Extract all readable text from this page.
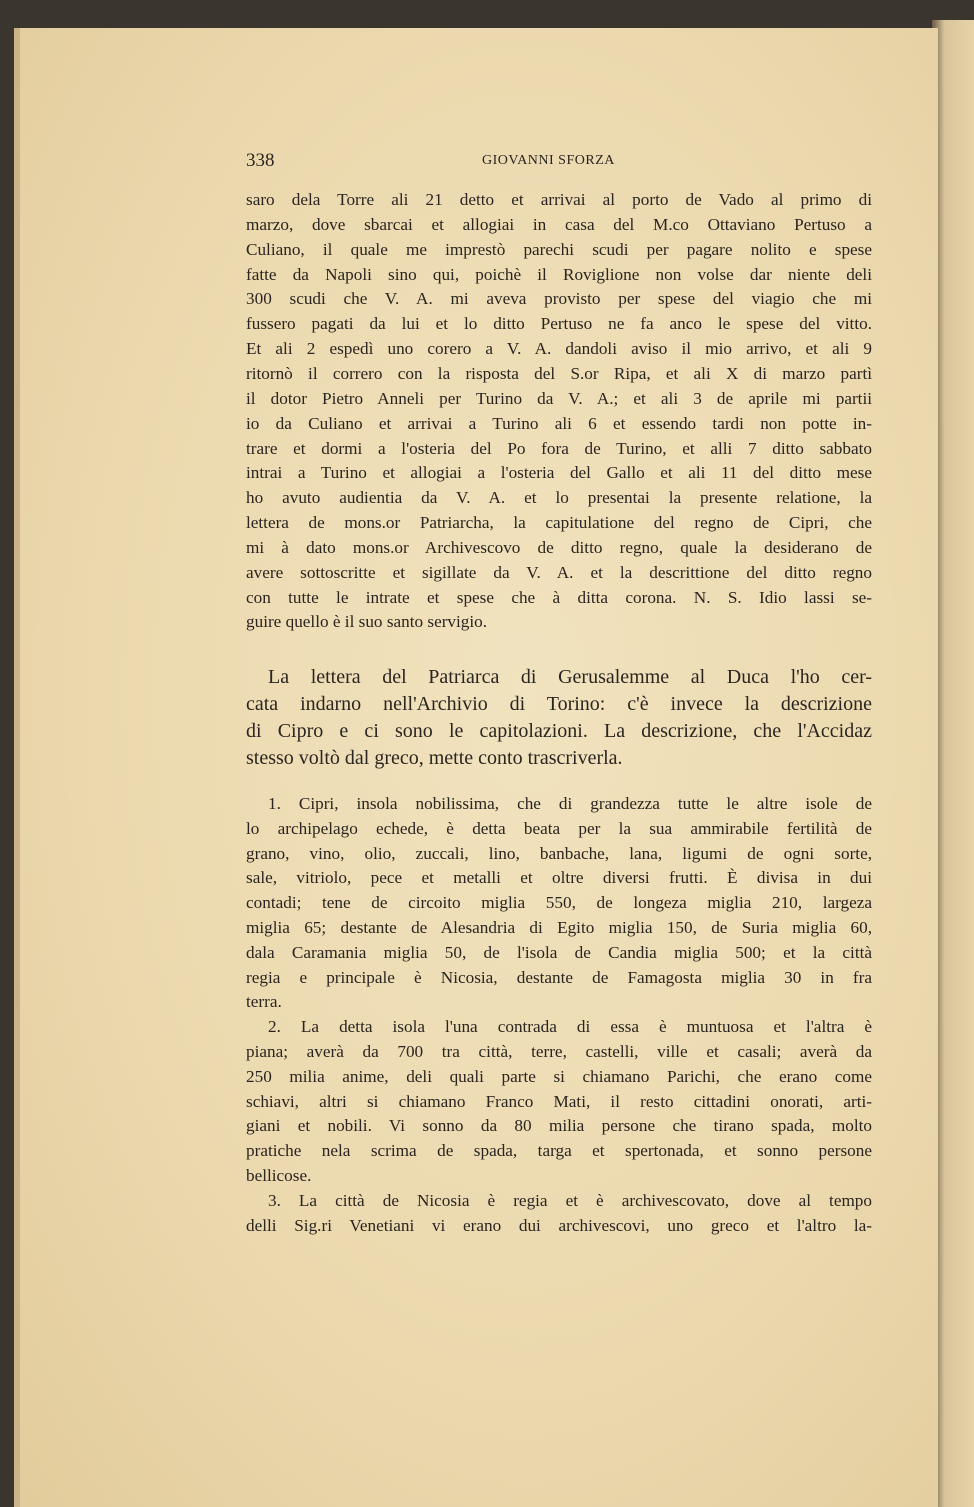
338	GIOVANNI SFORZA
saro dela Torre ali 21 detto et arrivai al porto de Vado al primo di
marzo, dove sbarcai et allogiai in casa del M.co Ottaviano Pertuso a
Culiano, il quale me imprestò parechi scudi per pagare nolito e spese
fatte da Napoli sino qui, poichè il Roviglione non volse dar niente deli
300 scudi che V. A. mi aveva provisto per spese del viagio che mi
fussero pagati da lui et lo ditto Pertuso ne fa anco le spese del vitto.
Et ali 2 espedì uno corero a V. A. dandoli aviso il mio arrivo, et ali 9
ritornò il correro con la risposta del S.or Ripa, et ali X di marzo partì
il dotor Pietro Anneli per Turino da V. A.; et ali 3 de aprile mi partii
io da Culiano et arrivai a Turino ali 6 et essendo tardi non potte in-
trare et dormi a l'osteria del Po fora de Turino, et alli 7 ditto sabbato
intrai a Turino et allogiai a l'osteria del Gallo et ali 11 del ditto mese
ho avuto audientia da V. A. et lo presentai la presente relatione, la
lettera de mons.or Patriarcha, la capitulatione del regno de Cipri, che
mi à dato mons.or Archivescovo de ditto regno, quale la desiderano de
avere sottoscritte et sigillate da V. A. et la descrittione del ditto regno
con tutte le intrate et spese che à ditta corona. N. S. Idio lassi se-
guire quello è il suo santo servigio.
La lettera del Patriarca di Gerusalemme al Duca l'ho cer-
cata indarno nell'Archivio di Torino: c'è invece la descrizione
di Cipro e ci sono le capitolazioni. La descrizione, che l'Accidaz
stesso voltò dal greco, mette conto trascriverla.
1. Cipri, insola nobilissima, che di grandezza tutte le altre isole de
lo archipelago echede, è detta beata per la sua ammirabile fertilità de
grano, vino, olio, zuccali, lino, banbache, lana, ligumi de ogni sorte,
sale, vitriolo, pece et metalli et oltre diversi frutti. È divisa in dui
contadi; tene de circoito miglia 550, de longeza miglia 210, largeza
miglia 65; destante de Alesandria di Egito miglia 150, de Suria miglia 60,
dala Caramania miglia 50, de l'isola de Candia miglia 500; et la città
regia e principale è Nicosia, destante de Famagosta miglia 30 in fra
terra.
2. La detta isola l'una contrada di essa è muntuosa et l'altra è
piana; averà da 700 tra città, terre, castelli, ville et casali; averà da
250 milia anime, deli quali parte si chiamano Parichi, che erano come
schiavi, altri si chiamano Franco Mati, il resto cittadini onorati, arti-
giani et nobili. Vi sonno da 80 milia persone che tirano spada, molto
pratiche nela scrima de spada, targa et spertonada, et sonno persone
bellicose.
3. La città de Nicosia è regia et è archivescovato, dove al tempo
delli Sig.ri Venetiani vi erano dui archivescovi, uno greco et l'altro la-
